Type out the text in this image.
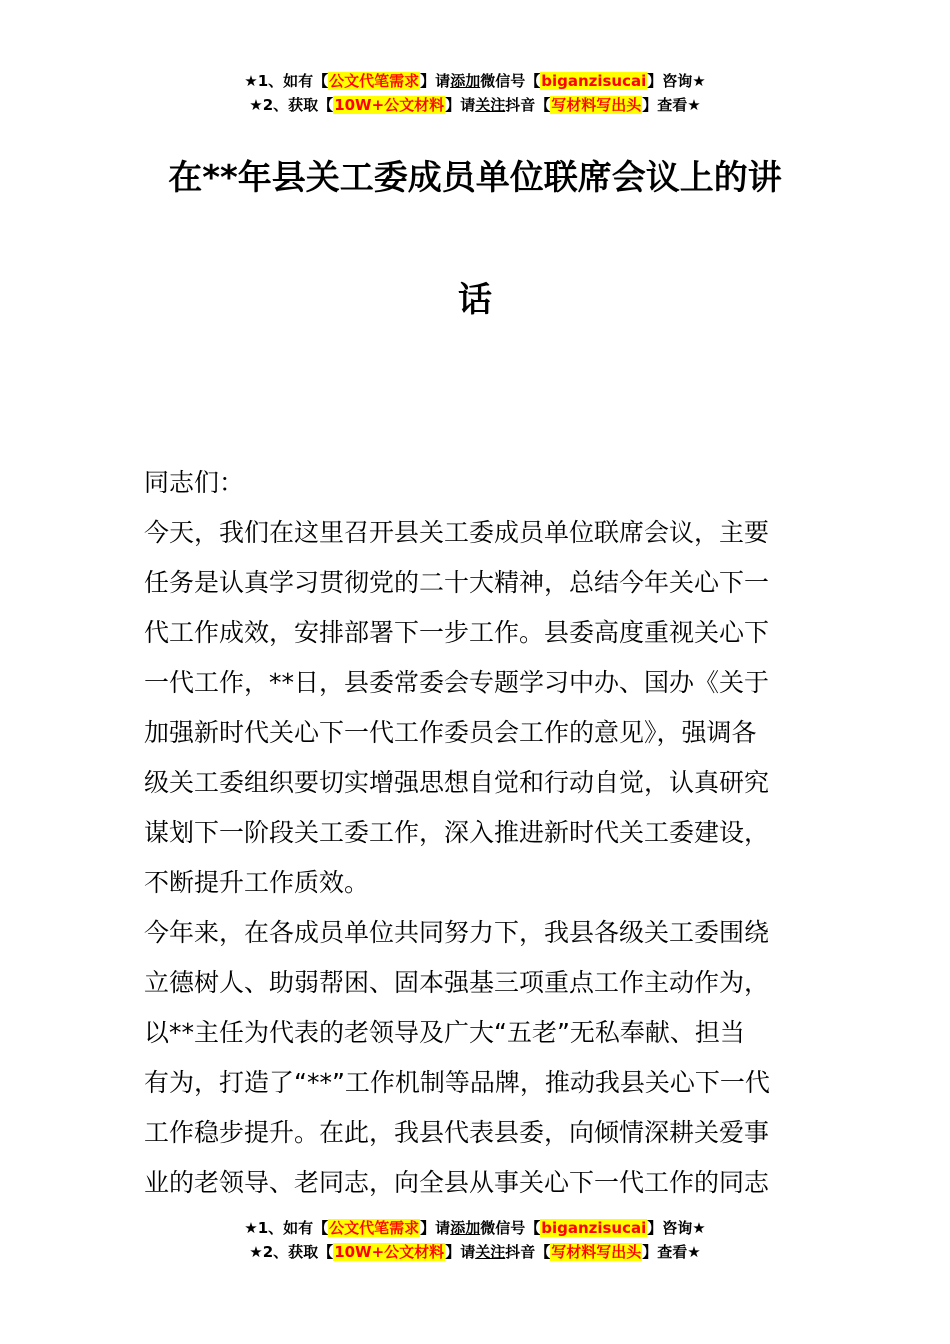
★1、如有【公文代笔需求】请添加微信号【biganzisucai】咨询★
★2、获取【10W+公文材料】请关注抖音【写材料写出头】查看★
在**年县关工委成员单位联席会议上的讲
话

同志们：

今天，我们在这里召开县关工委成员单位联席会议，主要

任务是认真学习贯彻党的二十大精神，总结今年关心下一

代工作成效，安排部署下一步工作。县委高度重视关心下

一代工作，**日，县委常委会专题学习中办、国办《关于

加强新时代关心下一代工作委员会工作的意见》，强调各

级关工委组织要切实增强思想自觉和行动自觉，认真研究

谋划下一阶段关工委工作，深入推进新时代关工委建设，

不断提升工作质效。

今年来，在各成员单位共同努力下，我县各级关工委围绕

立德树人、助弱帮困、固本强基三项重点工作主动作为，

以**主任为代表的老领导及广大“五老”无私奉献、担当

有为，打造了“**”工作机制等品牌，推动我县关心下一代

工作稳步提升。在此，我县代表县委，向倾情深耕关爱事

业的老领导、老同志，向全县从事关心下一代工作的同志

★1、如有【公文代笔需求】请添加微信号【biganzisucai】咨询★
★2、获取【10W+公文材料】请关注抖音【写材料写出头】查看★
